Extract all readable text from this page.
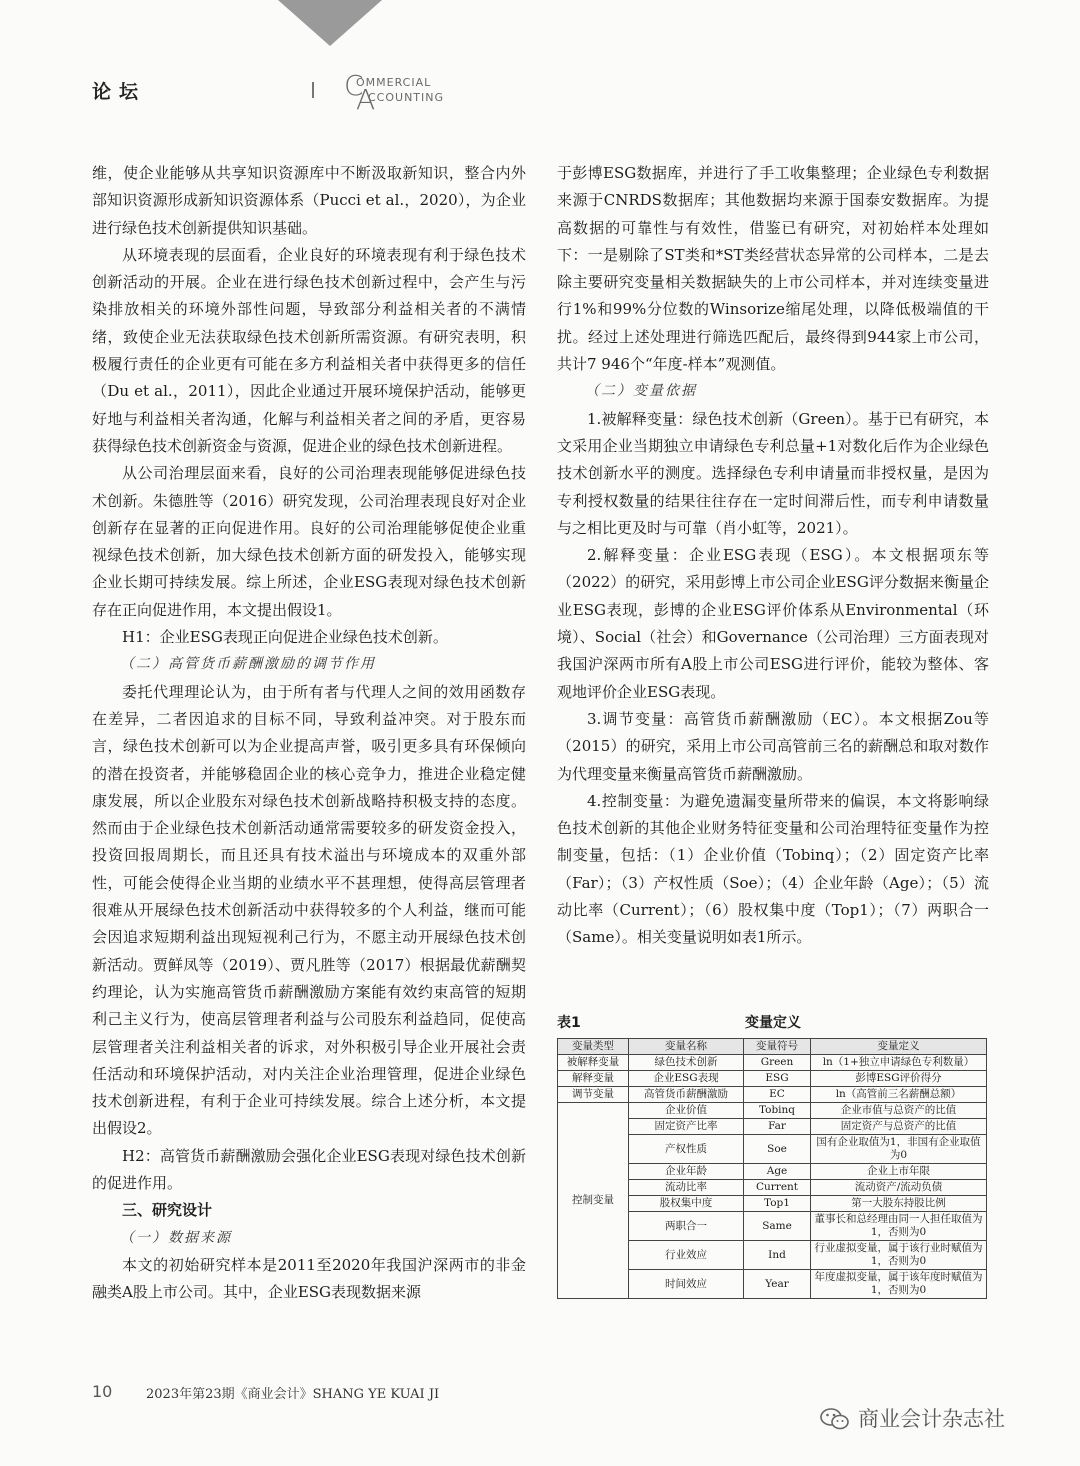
论坛	C
OMMERCIAL
A
CCOUNTING

维，使企业能够从共享知识资源库中不断汲取新知识，整合内外部知识资源形成新知识资源体系（Pucci et al.，2020），为企业进行绿色技术创新提供知识基础。

从环境表现的层面看，企业良好的环境表现有利于绿色技术创新活动的开展。企业在进行绿色技术创新过程中，会产生与污染排放相关的环境外部性问题，导致部分利益相关者的不满情绪，致使企业无法获取绿色技术创新所需资源。有研究表明，积极履行责任的企业更有可能在多方利益相关者中获得更多的信任（Du et al.，2011），因此企业通过开展环境保护活动，能够更好地与利益相关者沟通，化解与利益相关者之间的矛盾，更容易获得绿色技术创新资金与资源，促进企业的绿色技术创新进程。

从公司治理层面来看，良好的公司治理表现能够促进绿色技术创新。朱德胜等（2016）研究发现，公司治理表现良好对企业创新存在显著的正向促进作用。良好的公司治理能够促使企业重视绿色技术创新，加大绿色技术创新方面的研发投入，能够实现企业长期可持续发展。综上所述，企业ESG表现对绿色技术创新存在正向促进作用，本文提出假设1。

H1：企业ESG表现正向促进企业绿色技术创新。

（二）高管货币薪酬激励的调节作用

委托代理理论认为，由于所有者与代理人之间的效用函数存在差异，二者因追求的目标不同，导致利益冲突。对于股东而言，绿色技术创新可以为企业提高声誉，吸引更多具有环保倾向的潜在投资者，并能够稳固企业的核心竞争力，推进企业稳定健康发展，所以企业股东对绿色技术创新战略持积极支持的态度。然而由于企业绿色技术创新活动通常需要较多的研发资金投入，投资回报周期长，而且还具有技术溢出与环境成本的双重外部性，可能会使得企业当期的业绩水平不甚理想，使得高层管理者很难从开展绿色技术创新活动中获得较多的个人利益，继而可能会因追求短期利益出现短视利己行为，不愿主动开展绿色技术创新活动。贾鲜凤等（2019）、贾凡胜等（2017）根据最优薪酬契约理论，认为实施高管货币薪酬激励方案能有效约束高管的短期利己主义行为，使高层管理者利益与公司股东利益趋同，促使高层管理者关注利益相关者的诉求，对外积极引导企业开展社会责任活动和环境保护活动，对内关注企业治理管理，促进企业绿色技术创新进程，有利于企业可持续发展。综合上述分析，本文提出假设2。

H2：高管货币薪酬激励会强化企业ESG表现对绿色技术创新的促进作用。

三、研究设计

（一）数据来源

本文的初始研究样本是2011至2020年我国沪深两市的非金融类A股上市公司。其中，企业ESG表现数据来源

于彭博ESG数据库，并进行了手工收集整理；企业绿色专利数据来源于CNRDS数据库；其他数据均来源于国泰安数据库。为提高数据的可靠性与有效性，借鉴已有研究，对初始样本处理如下：一是剔除了ST类和*ST类经营状态异常的公司样本，二是去除主要研究变量相关数据缺失的上市公司样本，并对连续变量进行1%和99%分位数的Winsorize缩尾处理，以降低极端值的干扰。经过上述处理进行筛选匹配后，最终得到944家上市公司，共计7 946个“年度-样本”观测值。

（二）变量依据

1.被解释变量：绿色技术创新（Green）。基于已有研究，本文采用企业当期独立申请绿色专利总量+1对数化后作为企业绿色技术创新水平的测度。选择绿色专利申请量而非授权量，是因为专利授权数量的结果往往存在一定时间滞后性，而专利申请数量与之相比更及时与可靠（肖小虹等，2021）。

2.解释变量：企业ESG表现（ESG）。本文根据项东等（2022）的研究，采用彭博上市公司企业ESG评分数据来衡量企业ESG表现，彭博的企业ESG评价体系从Environmental（环境）、Social（社会）和Governance（公司治理）三方面表现对我国沪深两市所有A股上市公司ESG进行评价，能较为整体、客观地评价企业ESG表现。

3.调节变量：高管货币薪酬激励（EC）。本文根据Zou等（2015）的研究，采用上市公司高管前三名的薪酬总和取对数作为代理变量来衡量高管货币薪酬激励。

4.控制变量：为避免遗漏变量所带来的偏误，本文将影响绿色技术创新的其他企业财务特征变量和公司治理特征变量作为控制变量，包括：（1）企业价值（Tobinq）；（2）固定资产比率（Far）；（3）产权性质（Soe）；（4）企业年龄（Age）；（5）流动比率（Current）；（6）股权集中度（Top1）；（7）两职合一（Same）。相关变量说明如表1所示。

表1	变量定义
变量类型	变量名称	变量符号	变量定义
被解释变量	绿色技术创新	Green	ln（1+独立申请绿色专利数量）
解释变量	企业ESG表现	ESG	彭博ESG评价得分
调节变量	高管货币薪酬激励	EC	ln（高管前三名薪酬总额）
控制变量	企业价值	Tobinq	企业市值与总资产的比值
	固定资产比率	Far	固定资产与总资产的比值
	产权性质	Soe	国有企业取值为1，非国有企业取值为0
	企业年龄	Age	企业上市年限
	流动比率	Current	流动资产/流动负债
	股权集中度	Top1	第一大股东持股比例
	两职合一	Same	董事长和总经理由同一人担任取值为1，否则为0
	行业效应	Ind	行业虚拟变量，属于该行业时赋值为1，否则为0
	时间效应	Year	年度虚拟变量，属于该年度时赋值为1，否则为0
10	2023年第23期《商业会计》SHANG YE KUAI JI
商业会计杂志社
